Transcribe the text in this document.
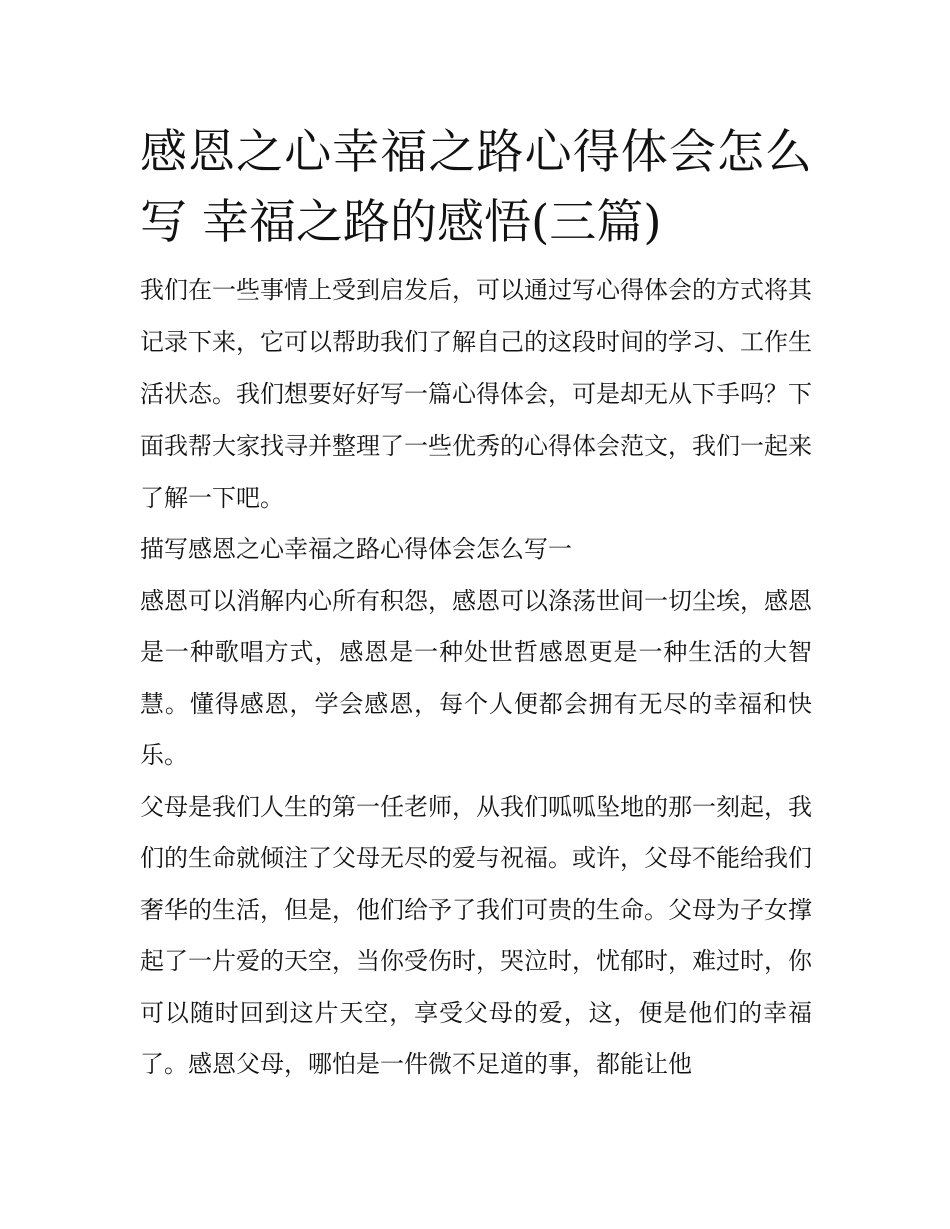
感恩之心幸福之路心得体会怎么写 幸福之路的感悟(三篇)

我们在一些事情上受到启发后，可以通过写心得体会的方式将其记录下来，它可以帮助我们了解自己的这段时间的学习、工作生活状态。我们想要好好写一篇心得体会，可是却无从下手吗？下面我帮大家找寻并整理了一些优秀的心得体会范文，我们一起来了解一下吧。

描写感恩之心幸福之路心得体会怎么写一

感恩可以消解内心所有积怨，感恩可以涤荡世间一切尘埃，感恩是一种歌唱方式，感恩是一种处世哲感恩更是一种生活的大智慧。懂得感恩，学会感恩，每个人便都会拥有无尽的幸福和快乐。

父母是我们人生的第一任老师，从我们呱呱坠地的那一刻起，我们的生命就倾注了父母无尽的爱与祝福。或许，父母不能给我们奢华的生活，但是，他们给予了我们可贵的生命。父母为子女撑起了一片爱的天空，当你受伤时，哭泣时，忧郁时，难过时，你可以随时回到这片天空，享受父母的爱，这，便是他们的幸福了。感恩父母，哪怕是一件微不足道的事，都能让他
